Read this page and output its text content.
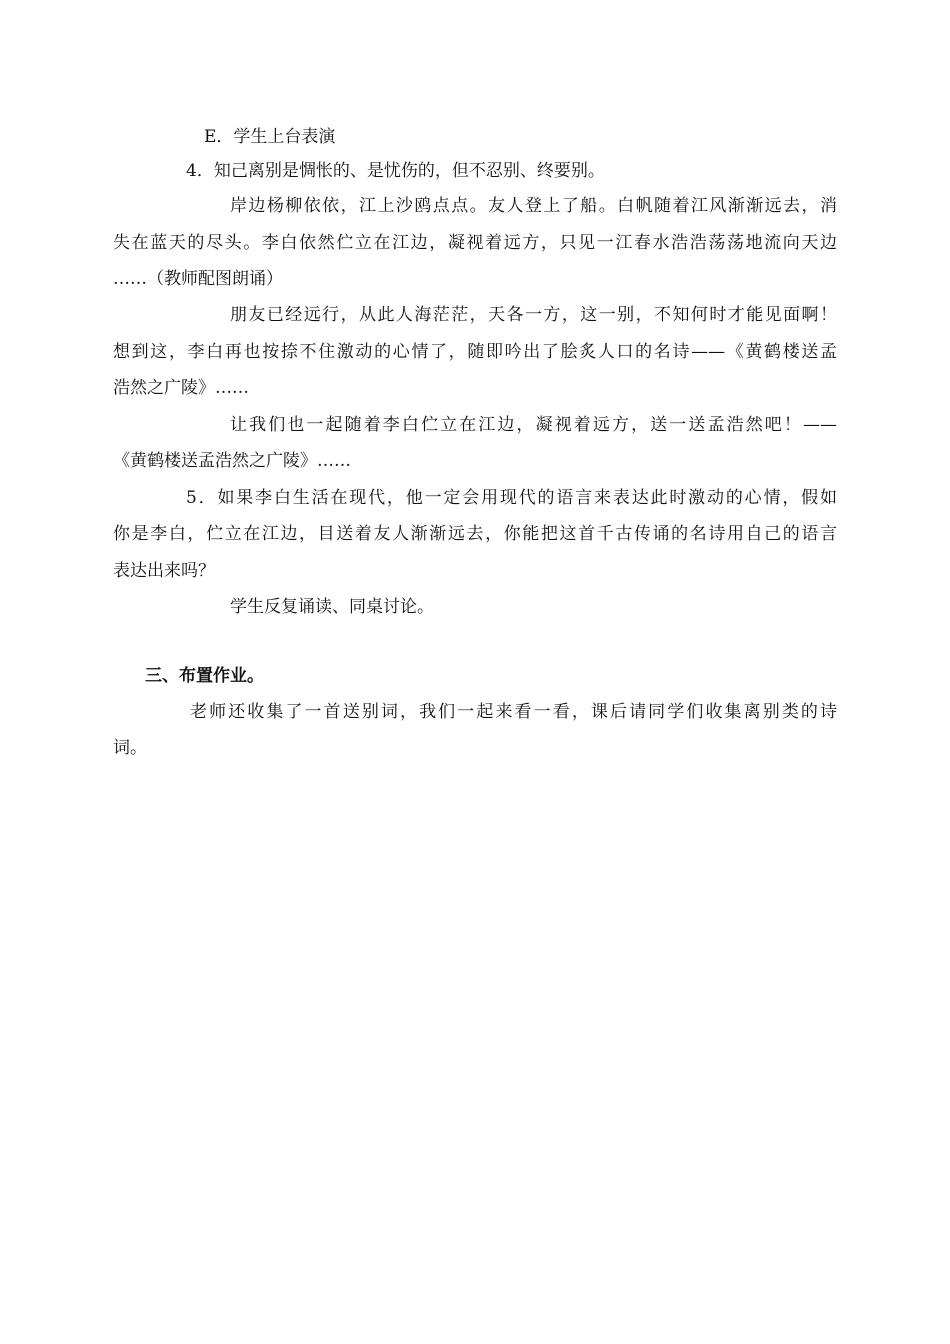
E．学生上台表演
4．知己离别是惆怅的、是忧伤的，但不忍别、终要别。
岸边杨柳依依，江上沙鸥点点。友人登上了船。白帆随着江风渐渐远去，消
失在蓝天的尽头。李白依然伫立在江边，凝视着远方，只见一江春水浩浩荡荡地流向天边
……（教师配图朗诵）
朋友已经远行，从此人海茫茫，天各一方，这一别，不知何时才能见面啊！
想到这，李白再也按捺不住激动的心情了，随即吟出了脍炙人口的名诗——《黄鹤楼送孟
浩然之广陵》……
让我们也一起随着李白伫立在江边，凝视着远方，送一送孟浩然吧！——
《黄鹤楼送孟浩然之广陵》……
5．如果李白生活在现代，他一定会用现代的语言来表达此时激动的心情，假如
你是李白，伫立在江边，目送着友人渐渐远去，你能把这首千古传诵的名诗用自己的语言
表达出来吗？
学生反复诵读、同桌讨论。
三、布置作业。
老师还收集了一首送别词，我们一起来看一看，课后请同学们收集离别类的诗
词。
